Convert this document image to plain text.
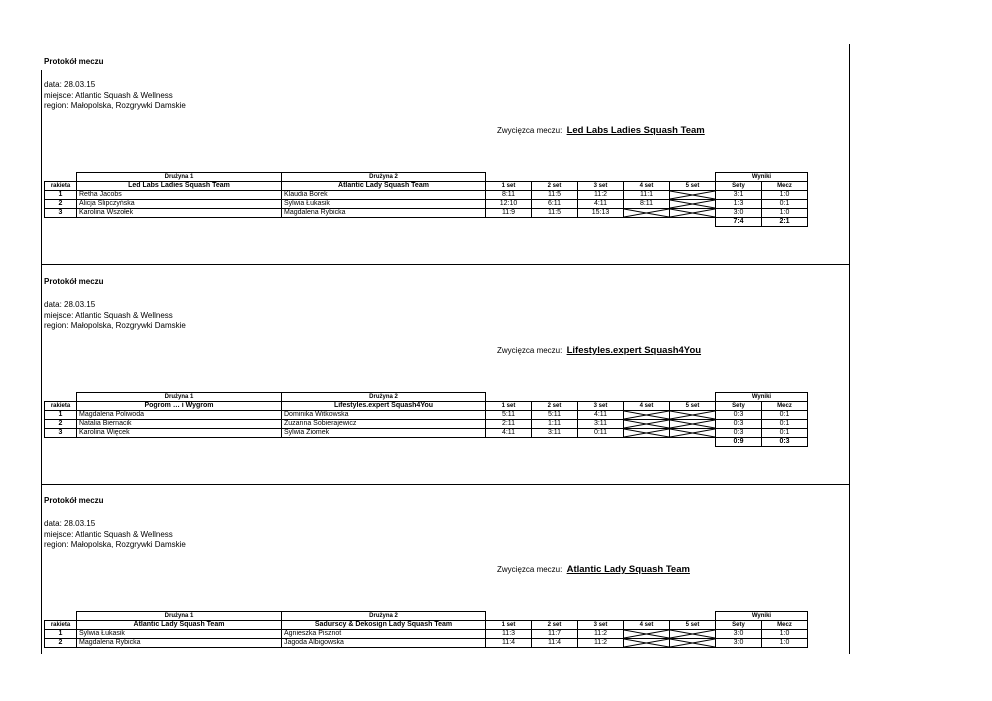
Protokół meczu
data: 28.03.15
miejsce: Atlantic Squash & Wellness
region: Małopolska, Rozgrywki Damskie
Zwycięzca meczu: Led Labs Ladies Squash Team
	Drużyna 1	Drużyna 2						Wyniki	
rakieta	Led Labs Ladies Squash Team	Atlantic Lady Squash Team	1 set	2 set	3 set	4 set	5 set	Sety	Mecz
1	Retha Jacobs	Klaudia Borek	8:11	11:5	11:2	11:1		3:1	1:0
2	Alicja Ślipczyńska	Sylwia Łukasik	12:10	6:11	4:11	8:11		1:3	0:1
3	Karolina Wszołek	Magdalena Rybicka	11:9	11:5	15:13			3:0	1:0
								7:4	2:1
Protokół meczu
data: 28.03.15
miejsce: Atlantic Squash & Wellness
region: Małopolska, Rozgrywki Damskie
Zwycięzca meczu: Lifestyles.expert Squash4You
	Drużyna 1	Drużyna 2						Wyniki	
rakieta	Pogrom … i Wygrom	Lifestyles.expert Squash4You	1 set	2 set	3 set	4 set	5 set	Sety	Mecz
1	Magdalena Poliwoda	Dominika Witkowska	5:11	5:11	4:11			0:3	0:1
2	Natalia Biernacik	Zuzanna Sobierajewicz	2:11	1:11	3:11			0:3	0:1
3	Karolina Więcek	Sylwia Ziomek	4:11	3:11	0:11			0:3	0:1
								0:9	0:3
Protokół meczu
data: 28.03.15
miejsce: Atlantic Squash & Wellness
region: Małopolska, Rozgrywki Damskie
Zwycięzca meczu: Atlantic Lady Squash Team
	Drużyna 1	Drużyna 2						Wyniki	
rakieta	Atlantic Lady Squash Team	Sadurscy & Dekosign Lady Squash Team	1 set	2 set	3 set	4 set	5 set	Sety	Mecz
1	Sylwia Łukasik	Agnieszka Pisznot	11:3	11:7	11:2			3:0	1:0
2	Magdalena Rybicka	Jagoda Albigowska	11:4	11:4	11:2			3:0	1:0
